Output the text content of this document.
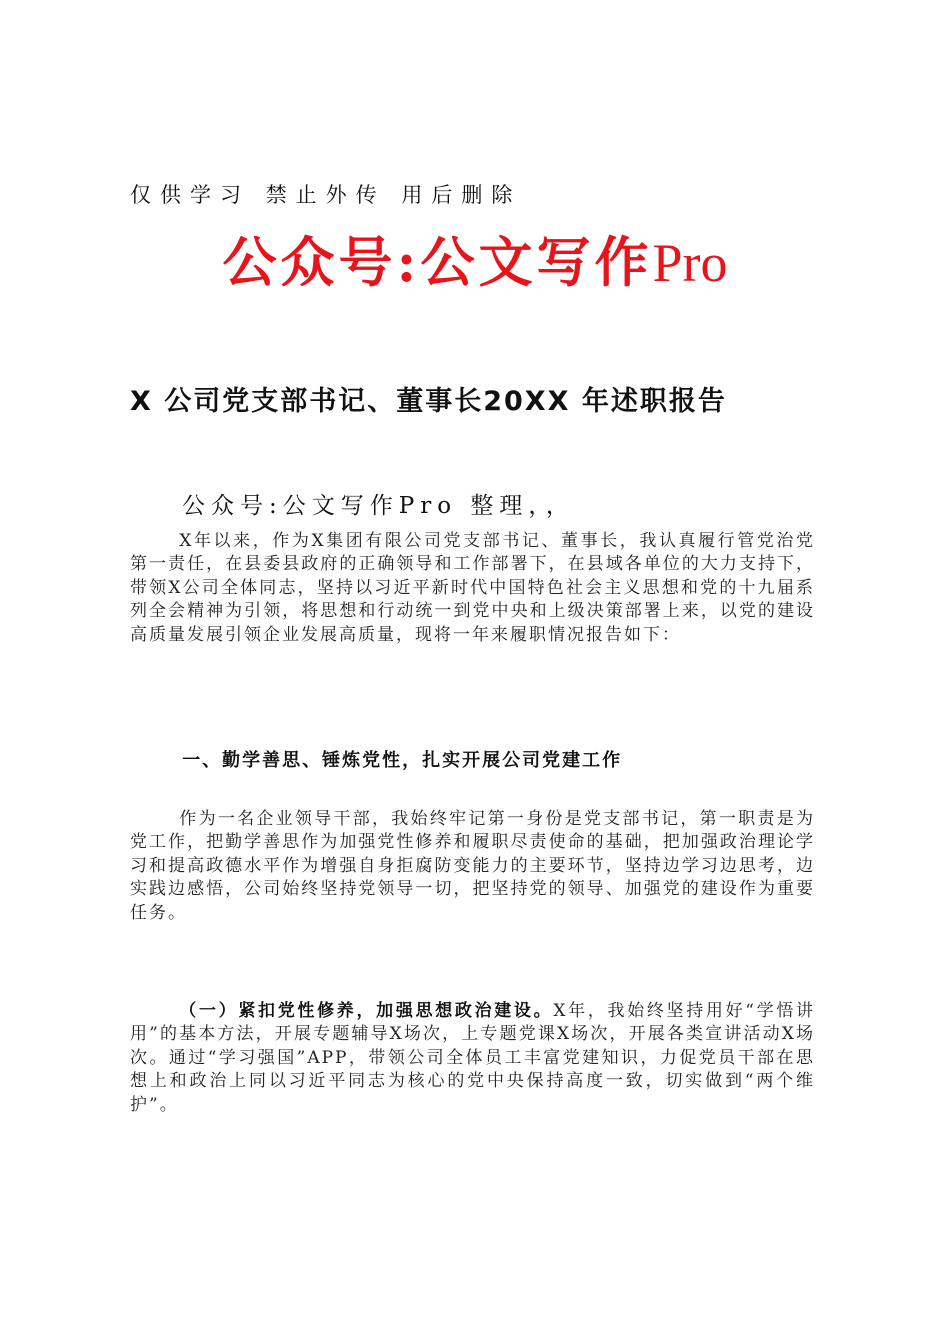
仅供学习 禁止外传 用后删除
公众号:公文写作Pro
X 公司党支部书记、董事长20XX 年述职报告
公众号:公文写作Pro 整理，，
X年以来，作为X集团有限公司党支部书记、董事长，我认真履行管党治党第一责任，在县委县政府的正确领导和工作部署下，在县域各单位的大力支持下，带领X公司全体同志，坚持以习近平新时代中国特色社会主义思想和党的十九届系列全会精神为引领，将思想和行动统一到党中央和上级决策部署上来，以党的建设高质量发展引领企业发展高质量，现将一年来履职情况报告如下：
一、勤学善思、锤炼党性，扎实开展公司党建工作
作为一名企业领导干部，我始终牢记第一身份是党支部书记，第一职责是为党工作，把勤学善思作为加强党性修养和履职尽责使命的基础，把加强政治理论学习和提高政德水平作为增强自身拒腐防变能力的主要环节，坚持边学习边思考，边实践边感悟，公司始终坚持党领导一切，把坚持党的领导、加强党的建设作为重要任务。
（一）紧扣党性修养，加强思想政治建设。X年，我始终坚持用好“学悟讲用”的基本方法，开展专题辅导X场次，上专题党课X场次，开展各类宣讲活动X场次。通过“学习强国”APP，带领公司全体员工丰富党建知识，力促党员干部在思想上和政治上同以习近平同志为核心的党中央保持高度一致，切实做到“两个维护”。
